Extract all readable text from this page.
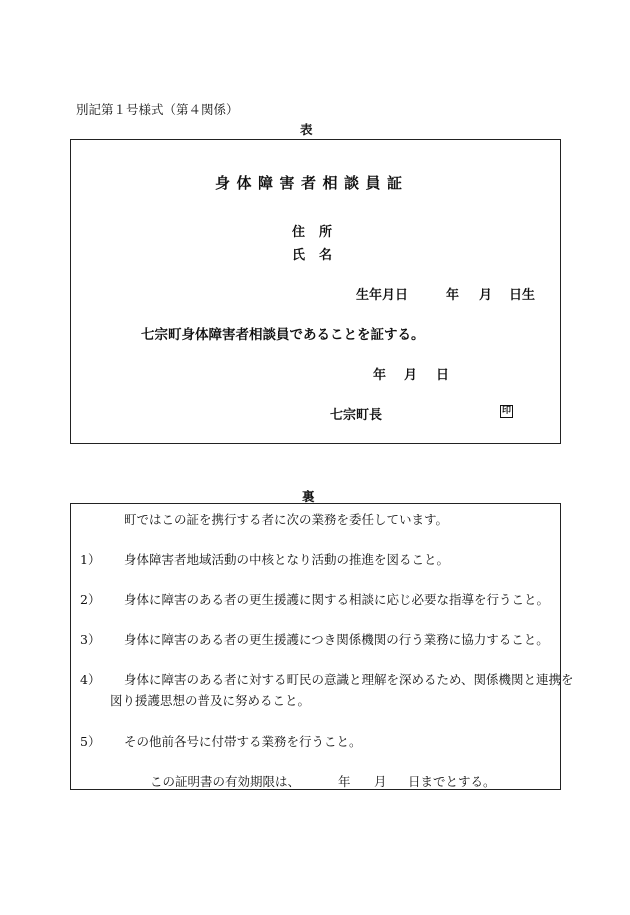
別記第１号様式（第４関係）
表
身体障害者相談員証
住所
氏名
生年月日	年 月 日生
七宗町身体障害者相談員であることを証する。
年 月 日
七宗町長	印
裏
町ではこの証を携行する者に次の業務を委任しています。
1） 身体障害者地域活動の中核となり活動の推進を図ること。
2） 身体に障害のある者の更生援護に関する相談に応じ必要な指導を行うこと。
3） 身体に障害のある者の更生援護につき関係機関の行う業務に協力すること。
4） 身体に障害のある者に対する町民の意識と理解を深めるため、関係機関と連携を
図り援護思想の普及に努めること。
5） その他前各号に付帯する業務を行うこと。
この証明書の有効期限は、	年 月 日までとする。
